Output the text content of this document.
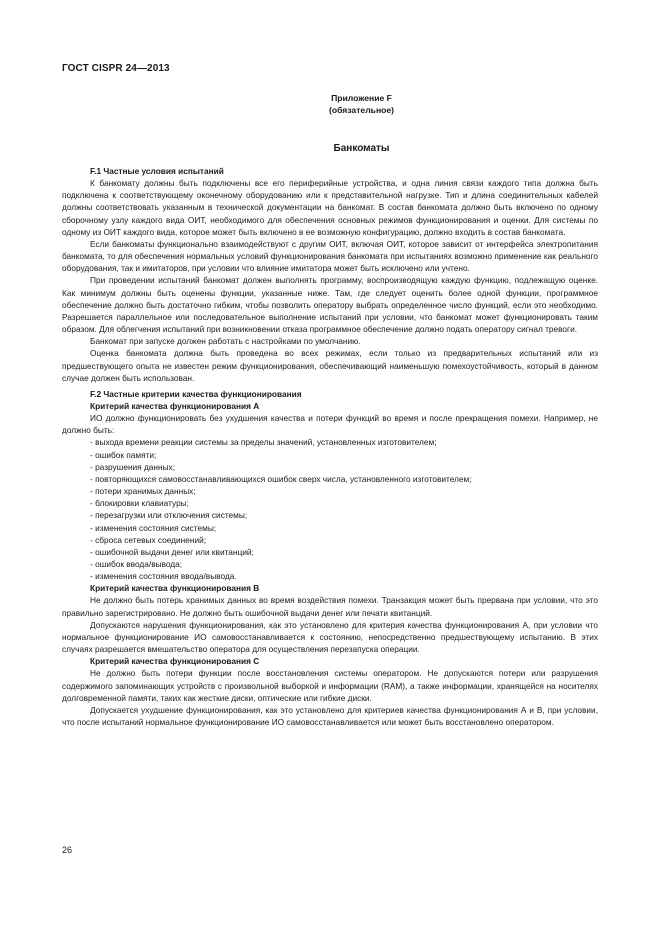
ГОСТ CISPR 24—2013
Приложение F
(обязательное)
Банкоматы

F.1 Частные условия испытаний

К банкомату должны быть подключены все его периферийные устройства, и одна линия связи каждого типа должна быть подключена к соответствующему оконечному оборудованию или к представительной нагрузке. Тип и длина соединительных кабелей должны соответствовать указанным в технической документации на банкомат. В состав банкомата должно быть включено по одному сборочному узлу каждого вида ОИТ, необходимого для обеспечения основных режимов функционирования и оценки. Для системы по одному из ОИТ каждого вида, которое может быть включено в ее возможную конфигурацию, должно входить в состав банкомата.

Если банкоматы функционально взаимодействуют с другим ОИТ, включая ОИТ, которое зависит от интерфейса электропитания банкомата, то для обеспечения нормальных условий функционирования банкомата при испытаниях возможно применение как реального оборудования, так и имитаторов, при условии что влияние имитатора может быть исключено или учтено.

При проведении испытаний банкомат должен выполнять программу, воспроизводящую каждую функцию, подлежащую оценке. Как минимум должны быть оценены функции, указанные ниже. Там, где следует оценить более одной функции, программное обеспечение должно быть достаточно гибким, чтобы позволить оператору выбрать определенное число функций, если это необходимо. Разрешается параллельное или последовательное выполнение испытаний при условии, что банкомат может функционировать таким образом. Для облегчения испытаний при возникновении отказа программное обеспечение должно подать оператору сигнал тревоги.

Банкомат при запуске должен работать с настройками по умолчанию.

Оценка банкомата должна быть проведена во всех режимах, если только из предварительных испытаний или из предшествующего опыта не известен режим функционирования, обеспечивающий наименьшую помехоустойчивость, который в данном случае должен быть использован.

F.2 Частные критерии качества функционирования

Критерий качества функционирования А

ИО должно функционировать без ухудшения качества и потери функций во время и после прекращения помехи. Например, не должно быть:

- выхода времени реакции системы за пределы значений, установленных изготовителем;

- ошибок памяти;

- разрушения данных;

- повторяющихся самовосстанавливающихся ошибок сверх числа, установленного изготовителем;

- потери хранимых данных;

- блокировки клавиатуры;

- перезагрузки или отключения системы;

- изменения состояния системы;

- сброса сетевых соединений;

- ошибочной выдачи денег или квитанций;

- ошибок ввода/вывода;

- изменения состояния ввода/вывода.

Критерий качества функционирования В

Не должно быть потерь хранимых данных во время воздействия помехи. Транзакция может быть прервана при условии, что это правильно зарегистрировано. Не должно быть ошибочной выдачи денег или печати квитанций.

Допускаются нарушения функционирования, как это установлено для критерия качества функционирования А, при условии что нормальное функционирование ИО самовосстанавливается к состоянию, непосредственно предшествующему испытанию. В этих случаях разрешается вмешательство оператора для осуществления перезапуска операции.

Критерий качества функционирования С

Не должно быть потери функции после восстановления системы оператором. Не допускаются потери или разрушения содержимого запоминающих устройств с произвольной выборкой и информации (RAM), а также информации, хранящейся на носителях долговременной памяти, таких как жесткие диски, оптические или гибкие диски.

Допускается ухудшение функционирования, как это установлено для критериев качества функционирования А и В, при условии, что после испытаний нормальное функционирование ИО самовосстанавливается или может быть восстановлено оператором.

26
